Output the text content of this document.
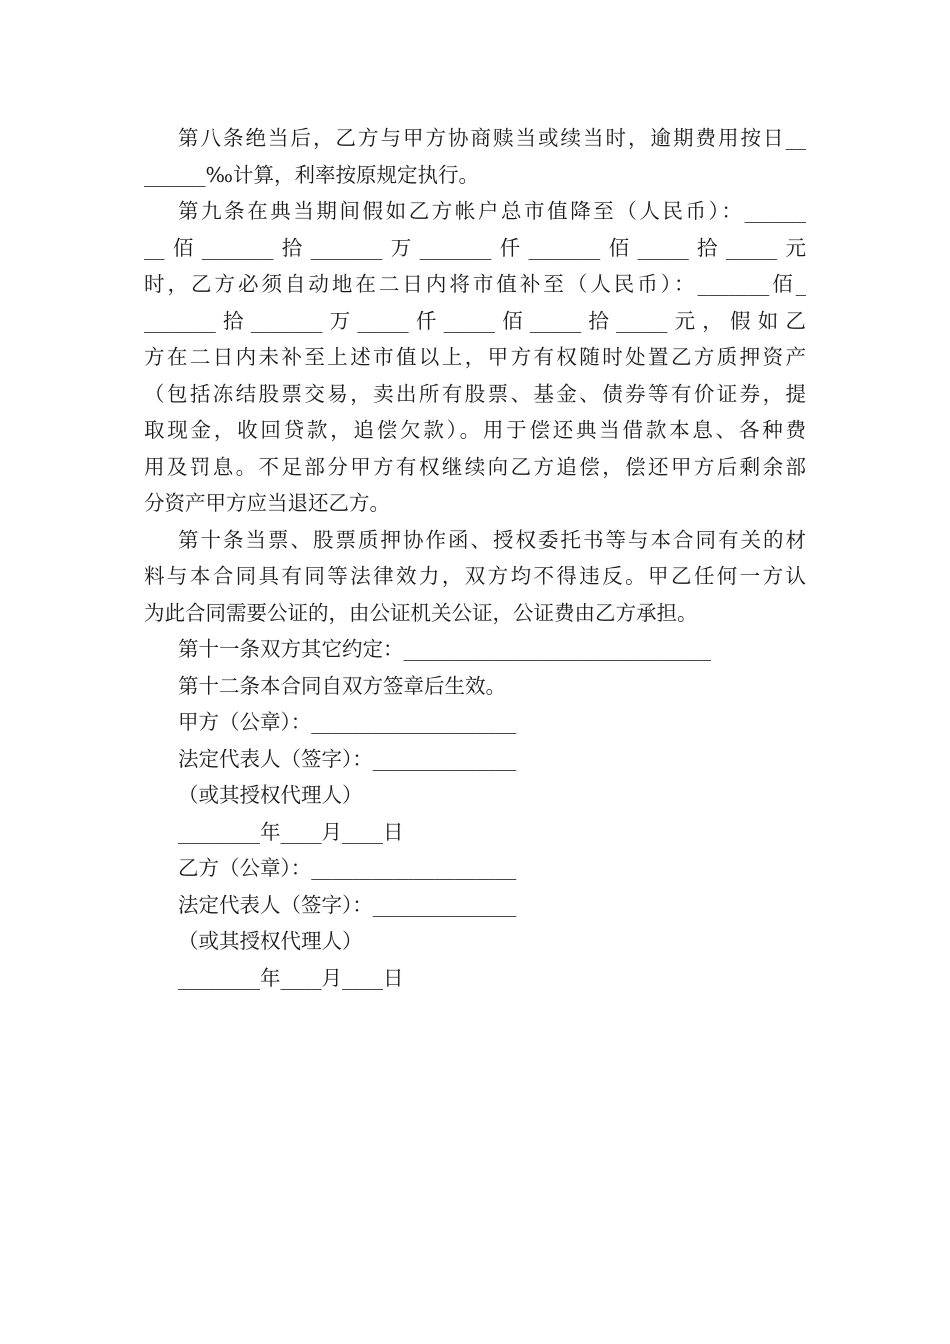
第八条绝当后，乙方与甲方协商赎当或续当时，逾期费用按日__
______‰计算，利率按原规定执行。
第九条在典当期间假如乙方帐户总市值降至（人民币）：______
__佰_______拾_______万_______仟_______佰_____拾_____元
时，乙方必须自动地在二日内将市值补至（人民币）：_______佰_
_______拾_______万_____仟_____佰_____拾_____元，假如乙
方在二日内未补至上述市值以上，甲方有权随时处置乙方质押资产
（包括冻结股票交易，卖出所有股票、基金、债券等有价证券，提
取现金，收回贷款，追偿欠款）。用于偿还典当借款本息、各种费
用及罚息。不足部分甲方有权继续向乙方追偿，偿还甲方后剩余部
分资产甲方应当退还乙方。
第十条当票、股票质押协作函、授权委托书等与本合同有关的材
料与本合同具有同等法律效力，双方均不得违反。甲乙任何一方认
为此合同需要公证的，由公证机关公证，公证费由乙方承担。
第十一条双方其它约定：______________________________
第十二条本合同自双方签章后生效。
甲方（公章）：____________________
法定代表人（签字）：______________
（或其授权代理人）
________年____月____日
乙方（公章）：____________________
法定代表人（签字）：______________
（或其授权代理人）
________年____月____日
